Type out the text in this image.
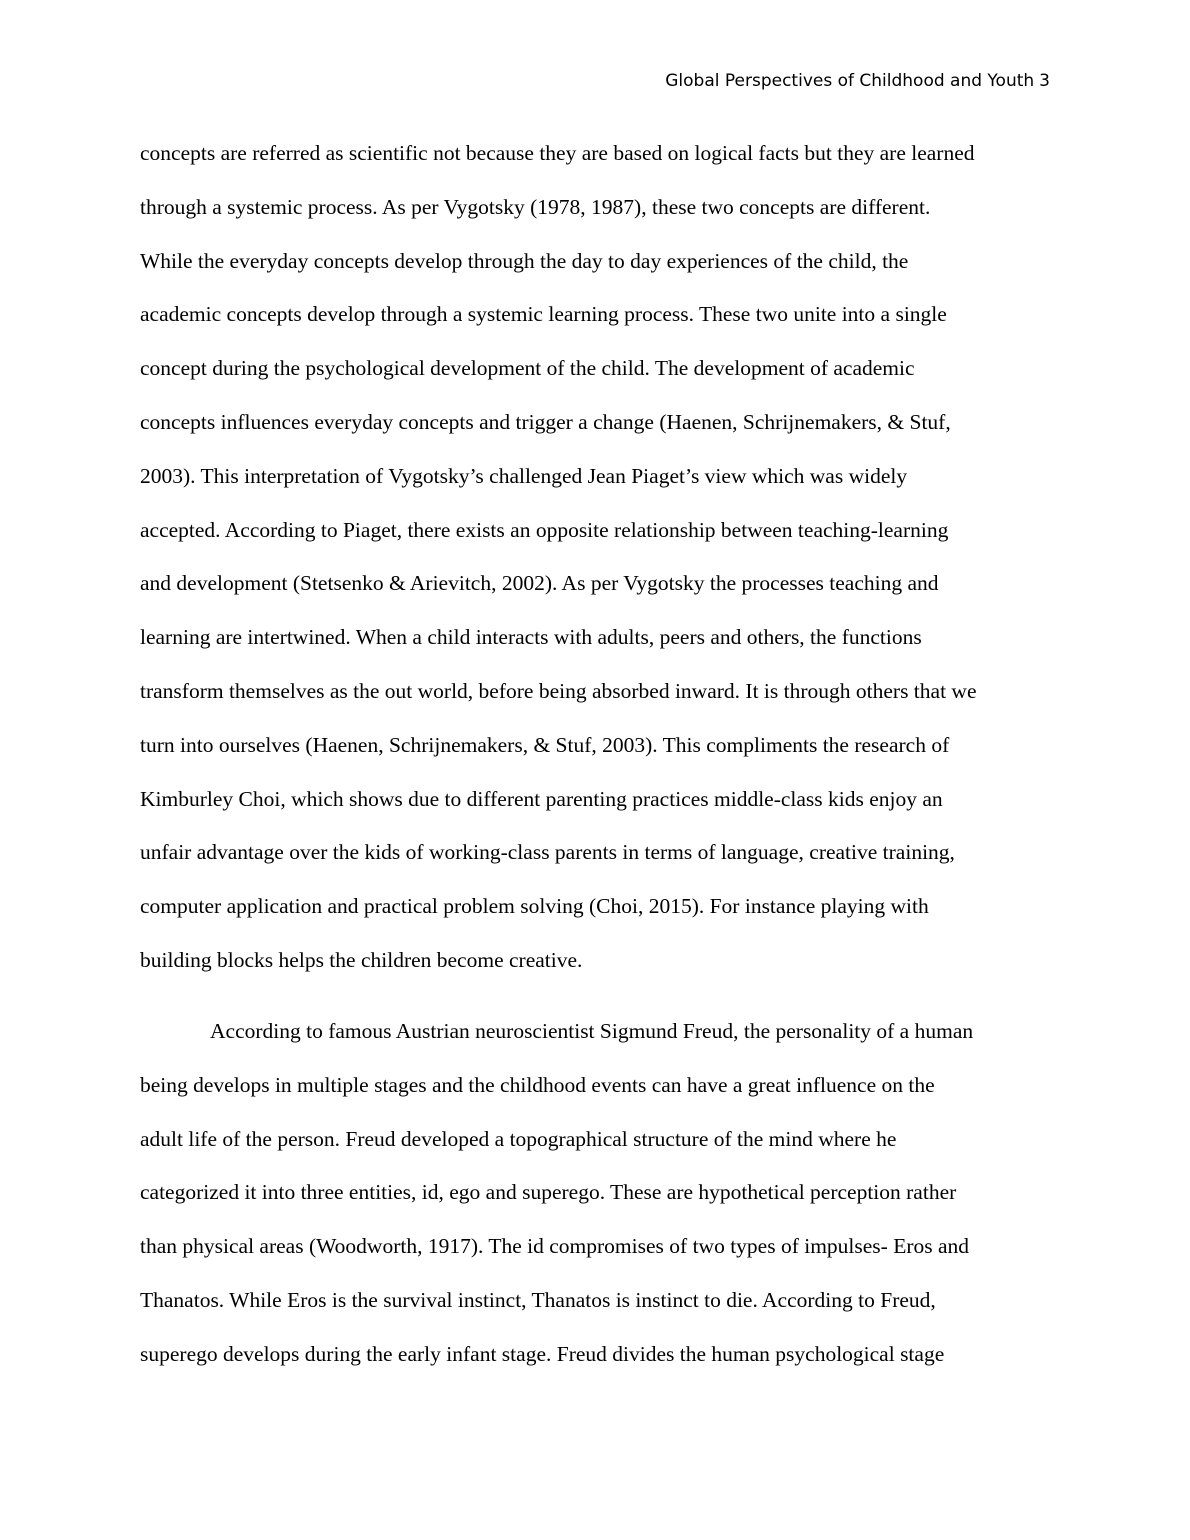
Global Perspectives of Childhood and Youth 3
concepts are referred as scientific not because they are based on logical facts but they are learned
through a systemic process. As per Vygotsky (1978, 1987), these two concepts are different.
While the everyday concepts develop through the day to day experiences of the child, the
academic concepts develop through a systemic learning process. These two unite into a single
concept during the psychological development of the child. The development of academic
concepts influences everyday concepts and trigger a change (Haenen, Schrijnemakers, & Stuf,
2003). This interpretation of Vygotsky’s challenged Jean Piaget’s view which was widely
accepted. According to Piaget, there exists an opposite relationship between teaching-learning
and development (Stetsenko & Arievitch, 2002). As per Vygotsky the processes teaching and
learning are intertwined. When a child interacts with adults, peers and others, the functions
transform themselves as the out world, before being absorbed inward. It is through others that we
turn into ourselves (Haenen, Schrijnemakers, & Stuf, 2003). This compliments the research of
Kimburley Choi, which shows due to different parenting practices middle-class kids enjoy an
unfair advantage over the kids of working-class parents in terms of language, creative training,
computer application and practical problem solving (Choi, 2015). For instance playing with
building blocks helps the children become creative.
According to famous Austrian neuroscientist Sigmund Freud, the personality of a human
being develops in multiple stages and the childhood events can have a great influence on the
adult life of the person. Freud developed a topographical structure of the mind where he
categorized it into three entities, id, ego and superego. These are hypothetical perception rather
than physical areas (Woodworth, 1917). The id compromises of two types of impulses- Eros and
Thanatos. While Eros is the survival instinct, Thanatos is instinct to die. According to Freud,
superego develops during the early infant stage. Freud divides the human psychological stage
